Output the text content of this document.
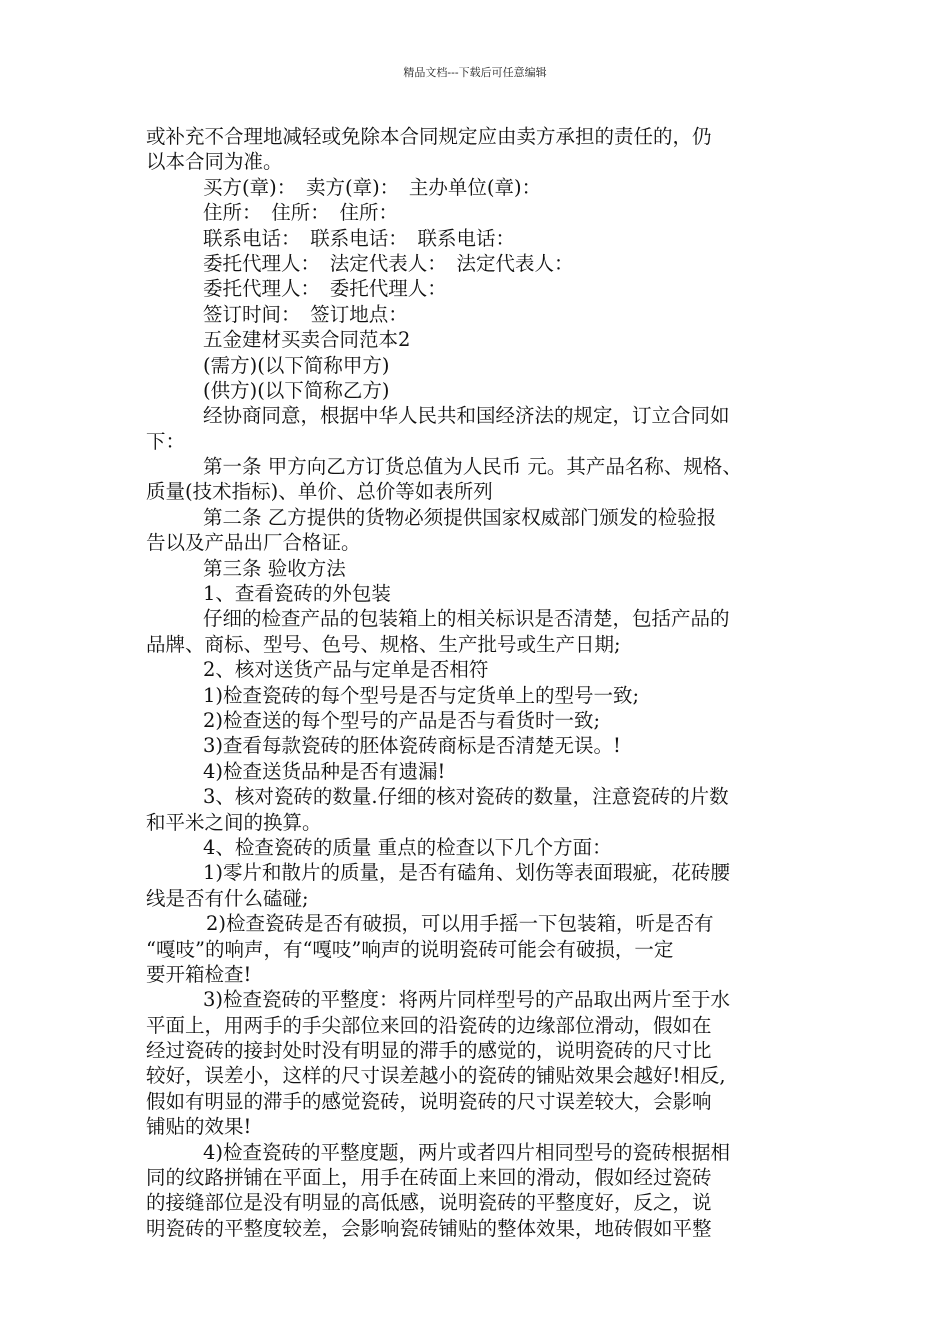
精品文档---下载后可任意编辑
或补充不合理地减轻或免除本合同规定应由卖方承担的责任的，仍
以本合同为准。
买方(章)：　卖方(章)：　主办单位(章)：
住所：　住所：　住所：
联系电话：　联系电话：　联系电话：
委托代理人：　法定代表人：　法定代表人：
委托代理人：　委托代理人：
签订时间：　签订地点：
五金建材买卖合同范本2
(需方)(以下简称甲方)
(供方)(以下简称乙方)
经协商同意，根据中华人民共和国经济法的规定，订立合同如
下：
第一条 甲方向乙方订货总值为人民币 元。其产品名称、规格、
质量(技术指标)、单价、总价等如表所列
第二条 乙方提供的货物必须提供国家权威部门颁发的检验报
告以及产品出厂合格证。
第三条 验收方法
1、查看瓷砖的外包装
仔细的检查产品的包装箱上的相关标识是否清楚，包括产品的
品牌、商标、型号、色号、规格、生产批号或生产日期;
2、核对送货产品与定单是否相符
1)检查瓷砖的每个型号是否与定货单上的型号一致;
2)检查送的每个型号的产品是否与看货时一致;
3)查看每款瓷砖的胚体瓷砖商标是否清楚无误。!
4)检查送货品种是否有遗漏!
3、核对瓷砖的数量.仔细的核对瓷砖的数量，注意瓷砖的片数
和平米之间的换算。
4、检查瓷砖的质量 重点的检查以下几个方面：
1)零片和散片的质量，是否有磕角、划伤等表面瑕疵，花砖腰
线是否有什么磕碰;
2)检查瓷砖是否有破损，可以用手摇一下包装箱，听是否有
“嘎吱”的响声，有“嘎吱”响声的说明瓷砖可能会有破损，一定
要开箱检查!
3)检查瓷砖的平整度：将两片同样型号的产品取出两片至于水
平面上，用两手的手尖部位来回的沿瓷砖的边缘部位滑动，假如在
经过瓷砖的接封处时没有明显的滞手的感觉的，说明瓷砖的尺寸比
较好，误差小，这样的尺寸误差越小的瓷砖的铺贴效果会越好!相反,
假如有明显的滞手的感觉瓷砖，说明瓷砖的尺寸误差较大，会影响
铺贴的效果!
4)检查瓷砖的平整度题，两片或者四片相同型号的瓷砖根据相
同的纹路拼铺在平面上，用手在砖面上来回的滑动，假如经过瓷砖
的接缝部位是没有明显的高低感，说明瓷砖的平整度好，反之，说
明瓷砖的平整度较差，会影响瓷砖铺贴的整体效果，地砖假如平整
